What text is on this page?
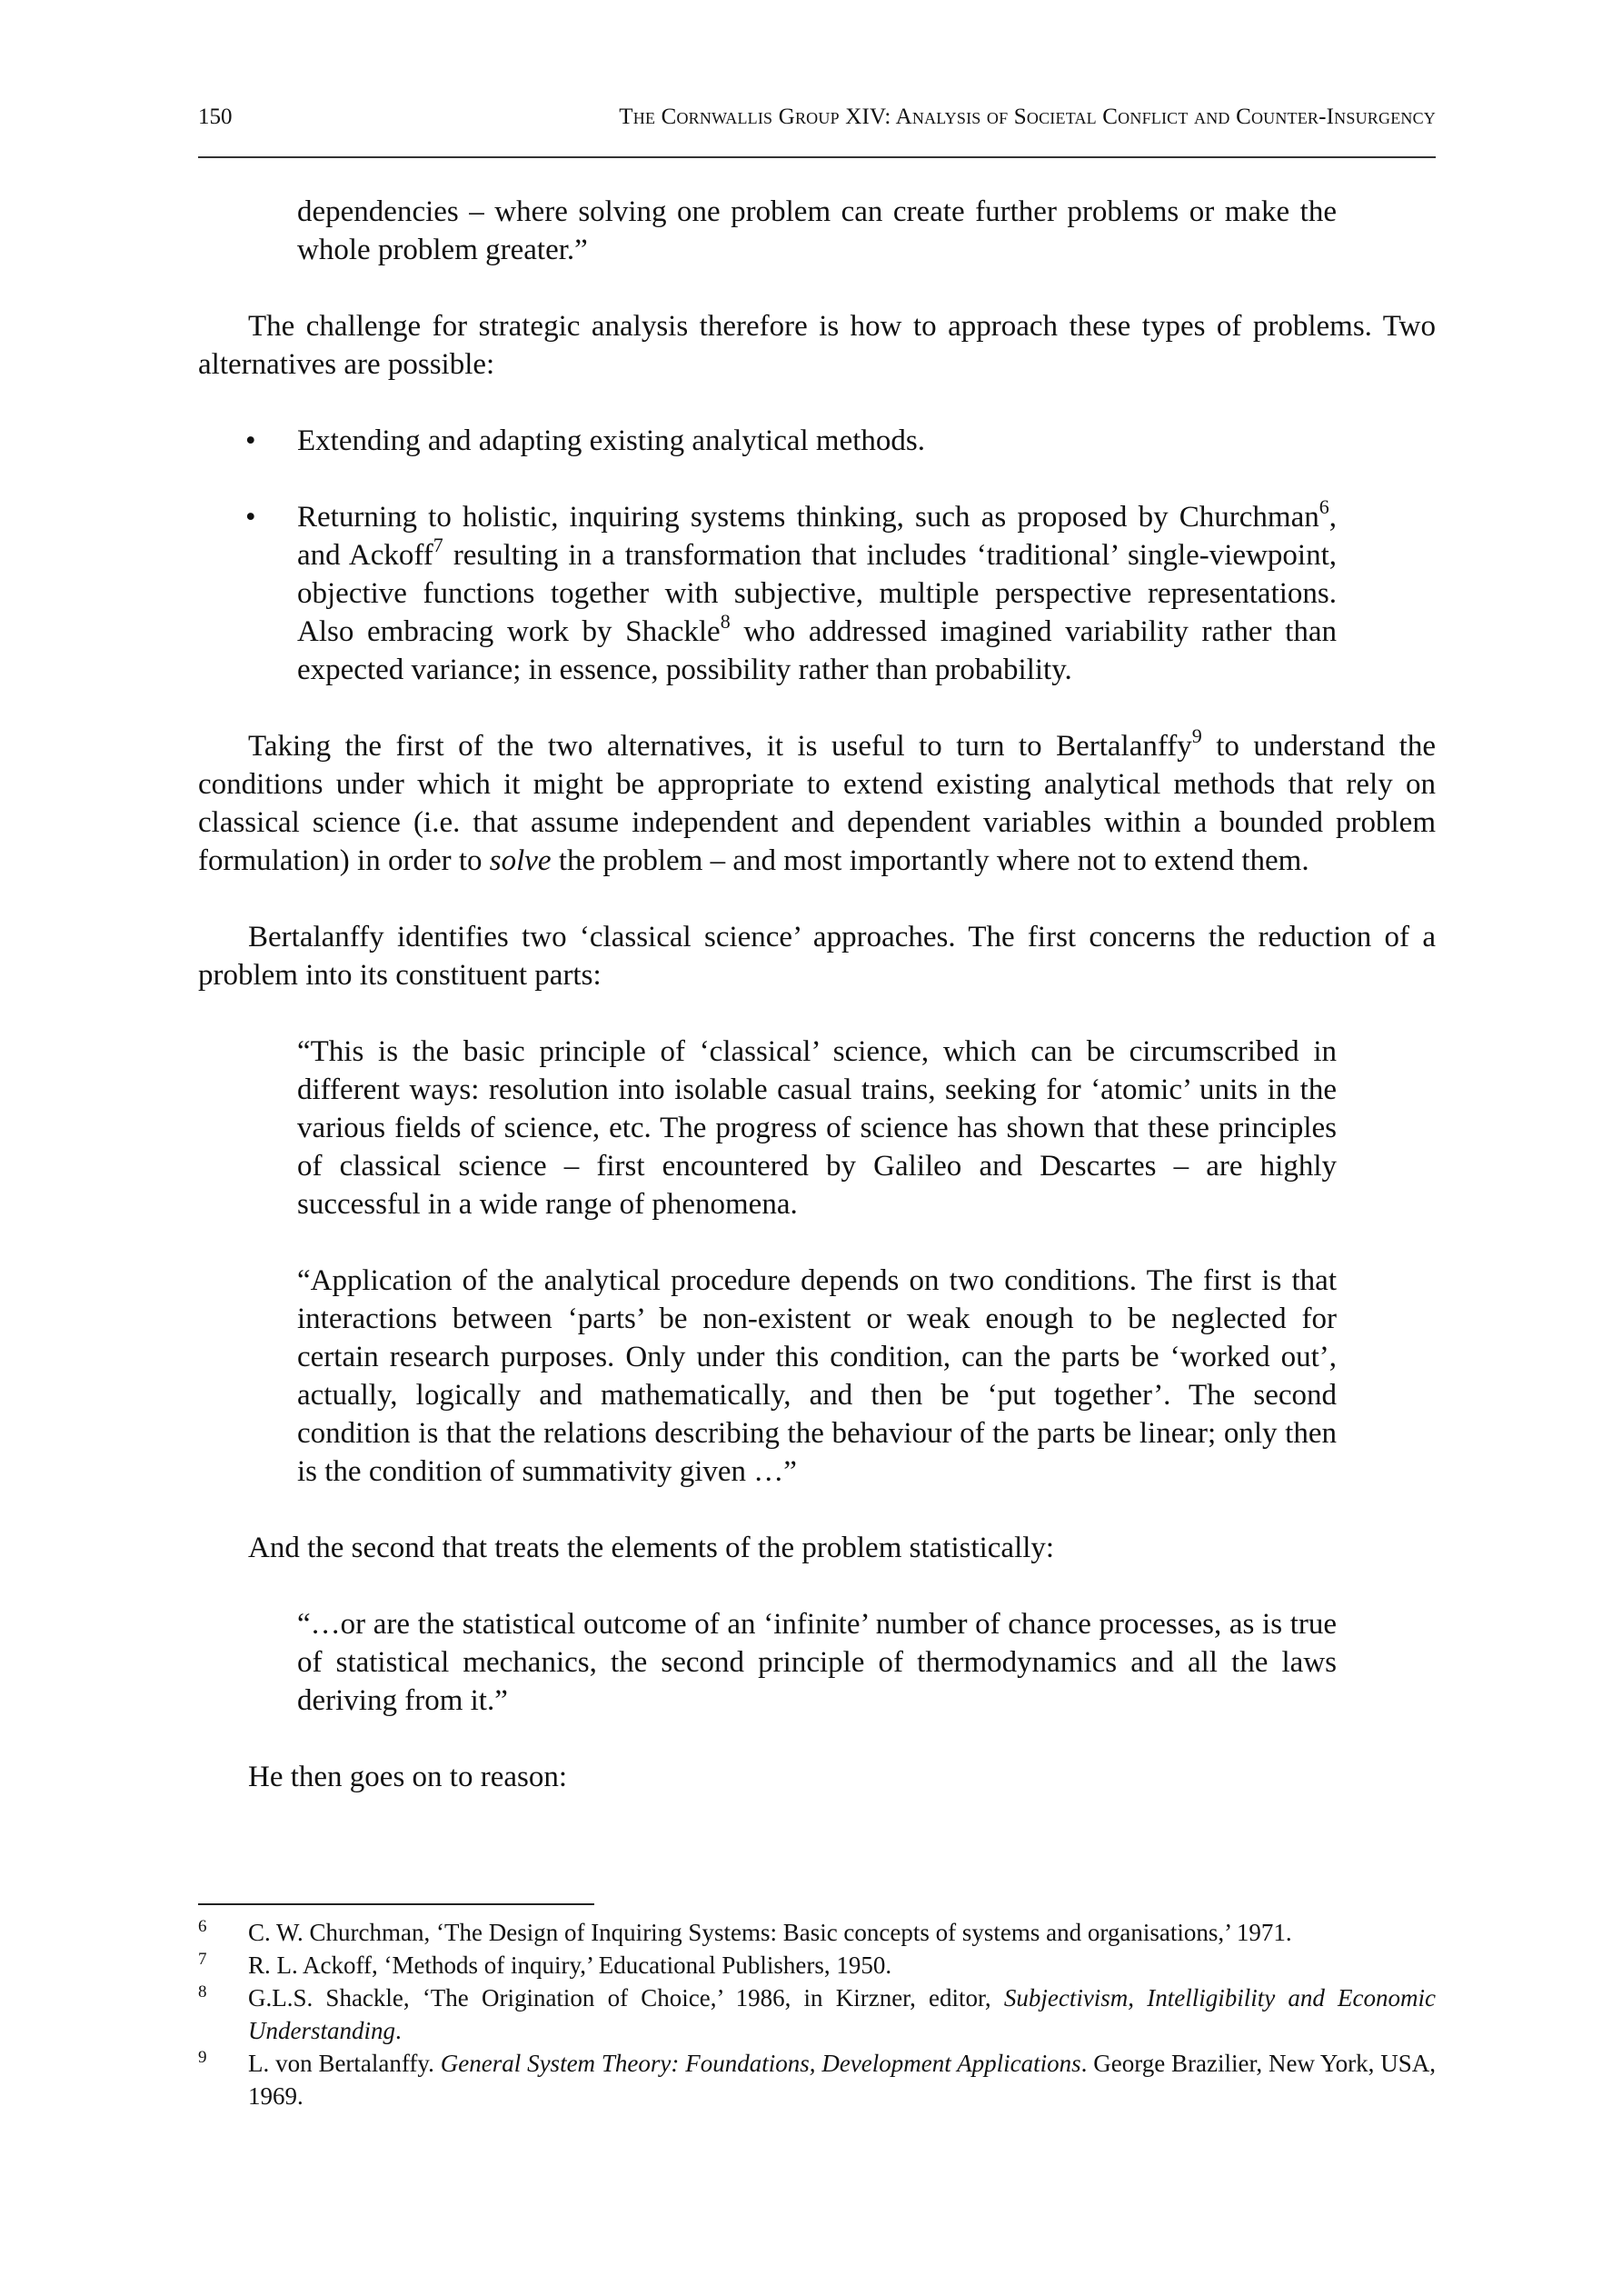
150	The Cornwallis Group XIV: Analysis of Societal Conflict and Counter-Insurgency

dependencies – where solving one problem can create further problems or make the whole problem greater.”

The challenge for strategic analysis therefore is how to approach these types of problems. Two alternatives are possible:

• Extending and adapting existing analytical methods.
• Returning to holistic, inquiring systems thinking, such as proposed by Churchman$^6$, and Ackoff$^7$ resulting in a transformation that includes ‘traditional’ single-viewpoint, objective functions together with subjective, multiple perspective representations. Also embracing work by Shackle$^8$ who addressed imagined variability rather than expected variance; in essence, possibility rather than probability.

Taking the first of the two alternatives, it is useful to turn to Bertalanffy$^9$ to understand the conditions under which it might be appropriate to extend existing analytical methods that rely on classical science (i.e. that assume independent and dependent variables within a bounded problem formulation) in order to solve the problem – and most importantly where not to extend them.

Bertalanffy identifies two ‘classical science’ approaches. The first concerns the reduction of a problem into its constituent parts:

“This is the basic principle of ‘classical’ science, which can be circumscribed in different ways: resolution into isolable casual trains, seeking for ‘atomic’ units in the various fields of science, etc. The progress of science has shown that these principles of classical science – first encountered by Galileo and Descartes – are highly successful in a wide range of phenomena.

“Application of the analytical procedure depends on two conditions. The first is that interactions between ‘parts’ be non-existent or weak enough to be neglected for certain research purposes. Only under this condition, can the parts be ‘worked out’, actually, logically and mathematically, and then be ‘put together’. The second condition is that the relations describing the behaviour of the parts be linear; only then is the condition of summativity given …”

And the second that treats the elements of the problem statistically:

“…or are the statistical outcome of an ‘infinite’ number of chance processes, as is true of statistical mechanics, the second principle of thermodynamics and all the laws deriving from it.”

He then goes on to reason:

6 C. W. Churchman, ‘The Design of Inquiring Systems: Basic concepts of systems and organisations,’ 1971.
7 R. L. Ackoff, ‘Methods of inquiry,’ Educational Publishers, 1950.
8 G.L.S. Shackle, ‘The Origination of Choice,’ 1986, in Kirzner, editor, Subjectivism, Intelligibility and Economic Understanding.
9 L. von Bertalanffy. General System Theory: Foundations, Development Applications. George Brazilier, New York, USA, 1969.
